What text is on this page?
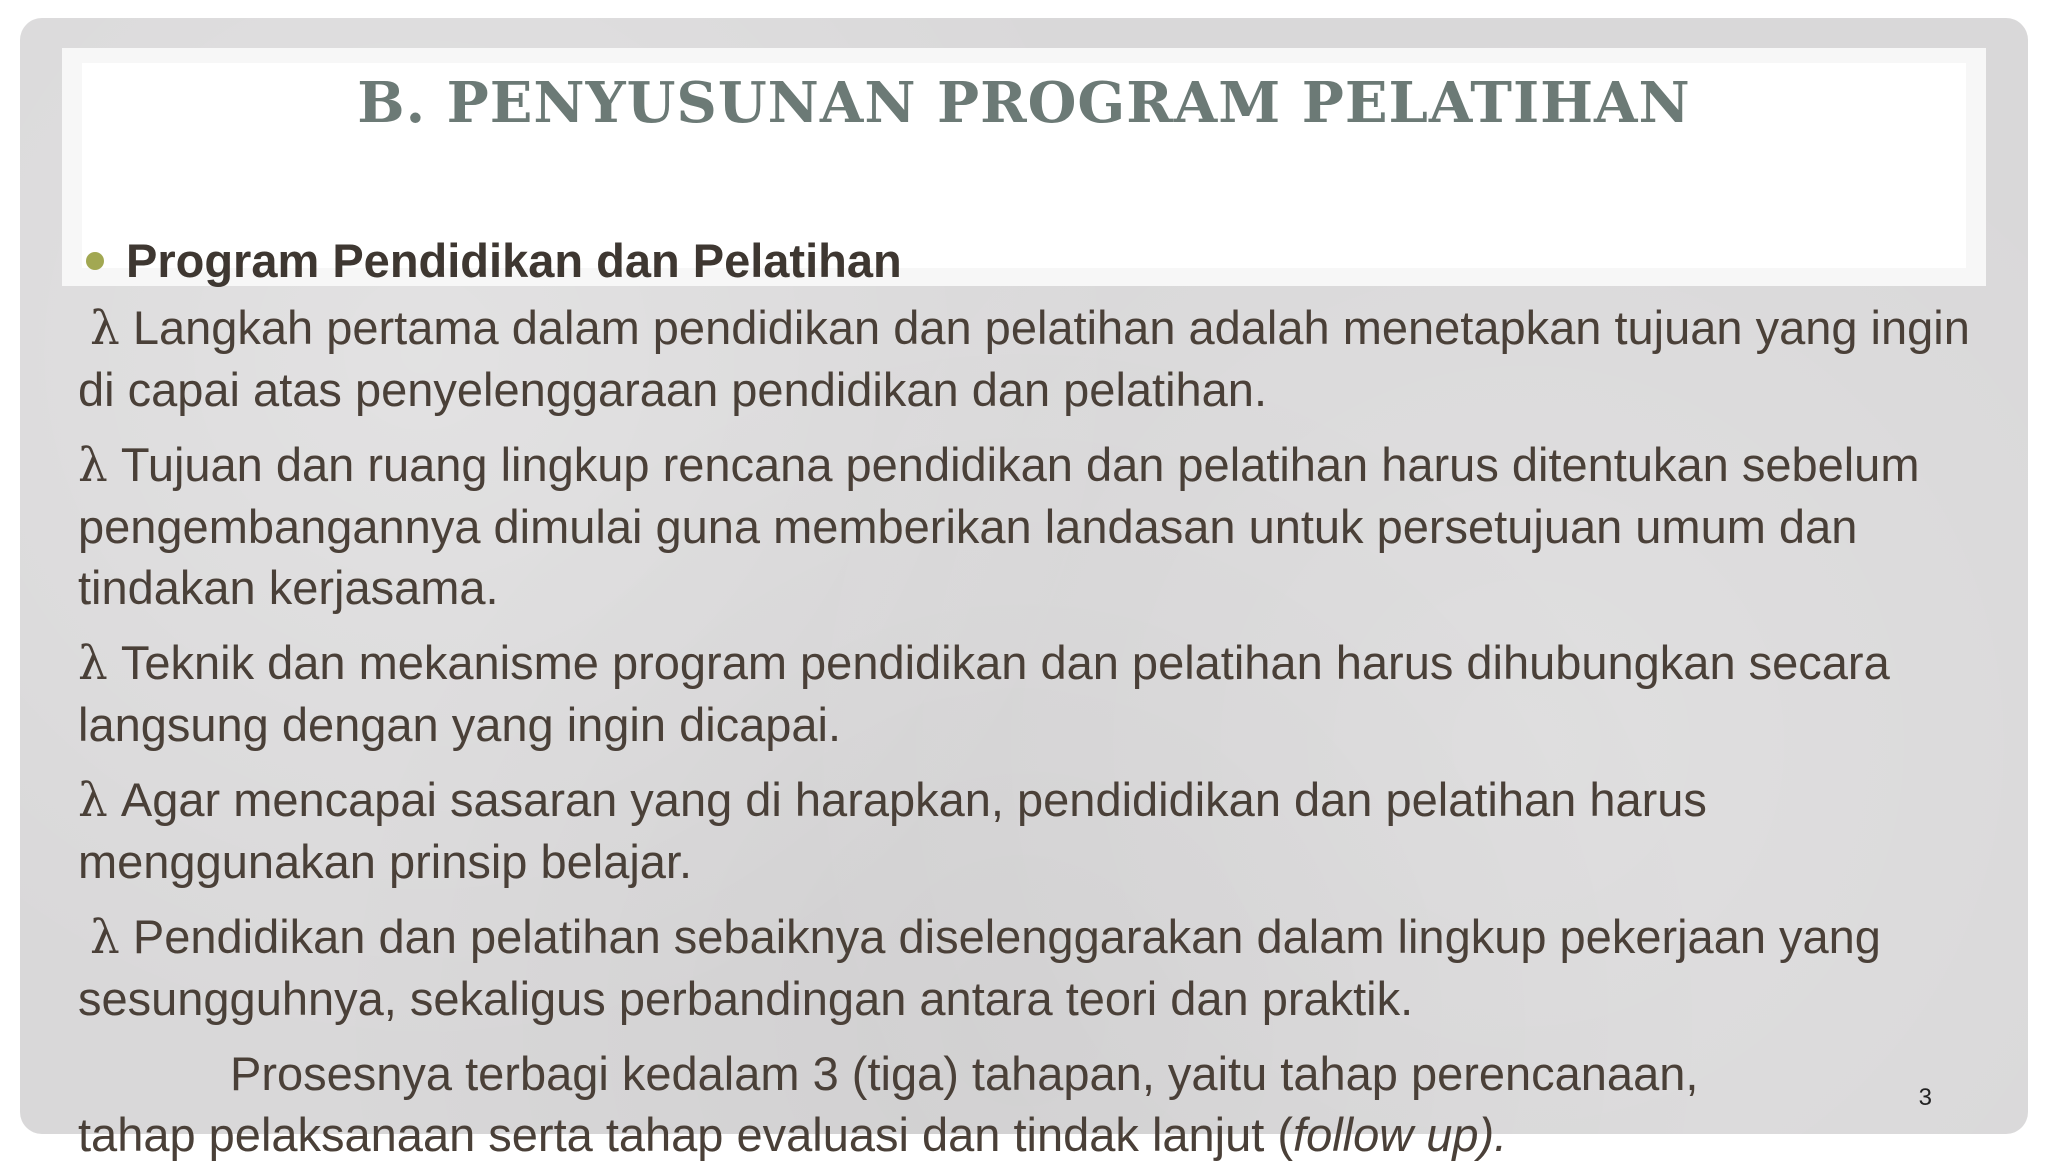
B. PENYUSUNAN PROGRAM PELATIHAN
Program Pendidikan dan Pelatihan

λ Langkah pertama dalam pendidikan dan pelatihan adalah menetapkan tujuan yang ingin di capai atas penyelenggaraan pendidikan dan pelatihan.

λ Tujuan dan ruang lingkup rencana pendidikan dan pelatihan harus ditentukan sebelum pengembangannya dimulai guna memberikan landasan untuk persetujuan umum dan tindakan kerjasama.

λ Teknik dan mekanisme program pendidikan dan pelatihan harus dihubungkan secara langsung dengan yang ingin dicapai.

λ Agar mencapai sasaran yang di harapkan, pendididikan dan pelatihan harus menggunakan prinsip belajar.

λ Pendidikan dan pelatihan sebaiknya diselenggarakan dalam lingkup pekerjaan yang sesungguhnya, sekaligus perbandingan antara teori dan praktik.

Prosesnya terbagi kedalam 3 (tiga) tahapan, yaitu tahap perencanaan,
tahap pelaksanaan serta tahap evaluasi dan tindak lanjut (follow up).

3
